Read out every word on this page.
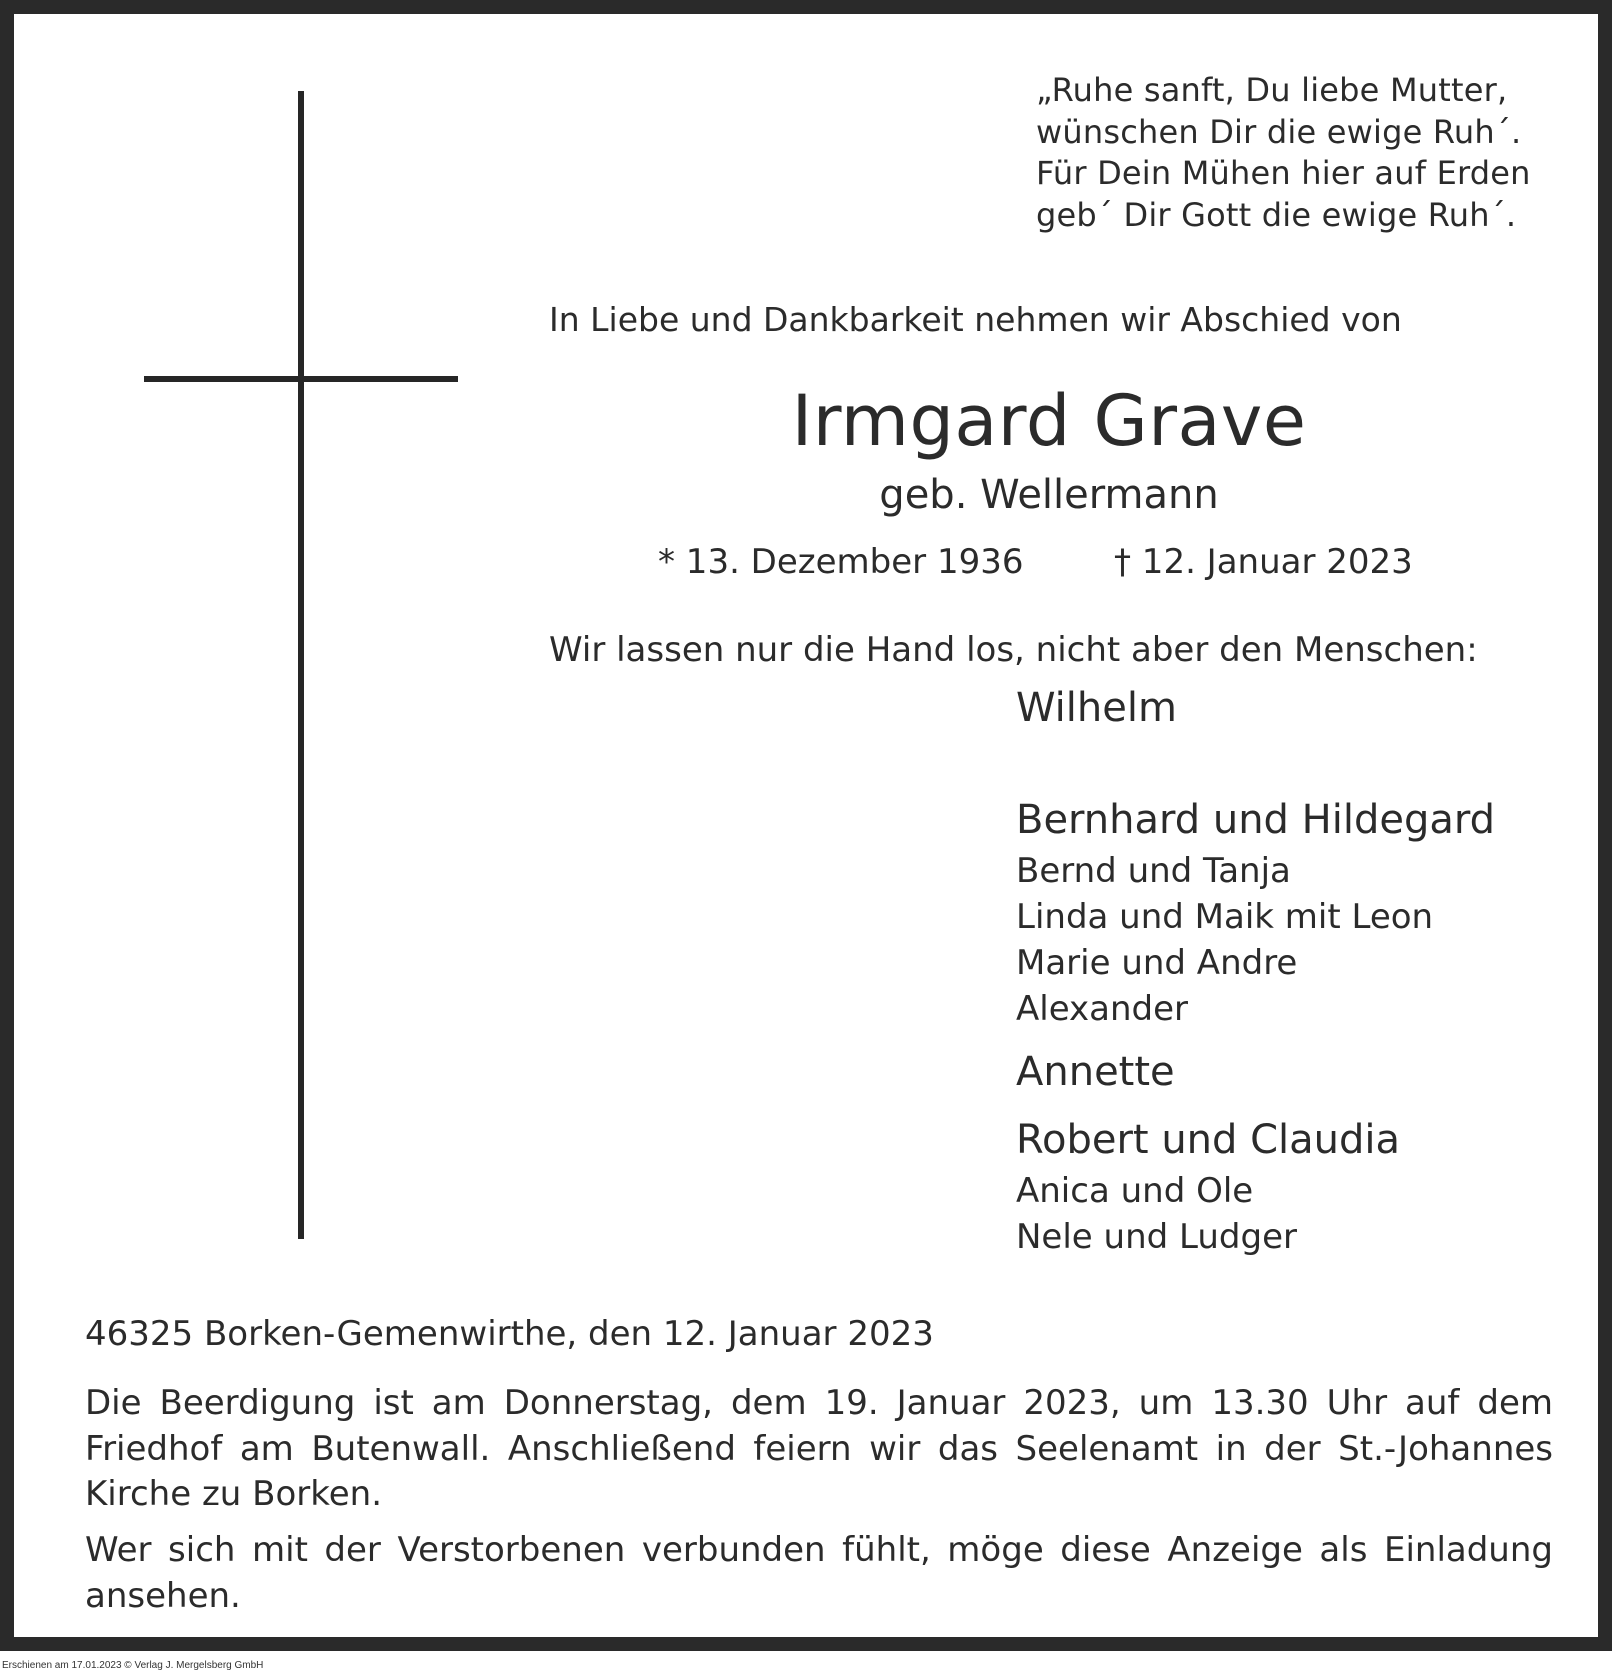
„Ruhe sanft, Du liebe Mutter,
wünschen Dir die ewige Ruh´.
Für Dein Mühen hier auf Erden
geb´ Dir Gott die ewige Ruh´.
In Liebe und Dankbarkeit nehmen wir Abschied von
Irmgard Grave
geb. Wellermann
* 13. Dezember 1936	† 12. Januar 2023
Wir lassen nur die Hand los, nicht aber den Menschen:
Wilhelm
Bernhard und Hildegard
Bernd und Tanja
Linda und Maik mit Leon
Marie und Andre
Alexander
Annette
Robert und Claudia
Anica und Ole
Nele und Ludger
46325 Borken-Gemenwirthe, den 12. Januar 2023

Die Beerdigung ist am Donnerstag, dem 19. Januar 2023, um 13.30 Uhr auf dem Friedhof am Butenwall. Anschließend feiern wir das Seelenamt in der St.-Johannes Kirche zu Borken.

Wer sich mit der Verstorbenen verbunden fühlt, möge diese Anzeige als Einladung ansehen.

Erschienen am 17.01.2023 © Verlag J. Mergelsberg GmbH
